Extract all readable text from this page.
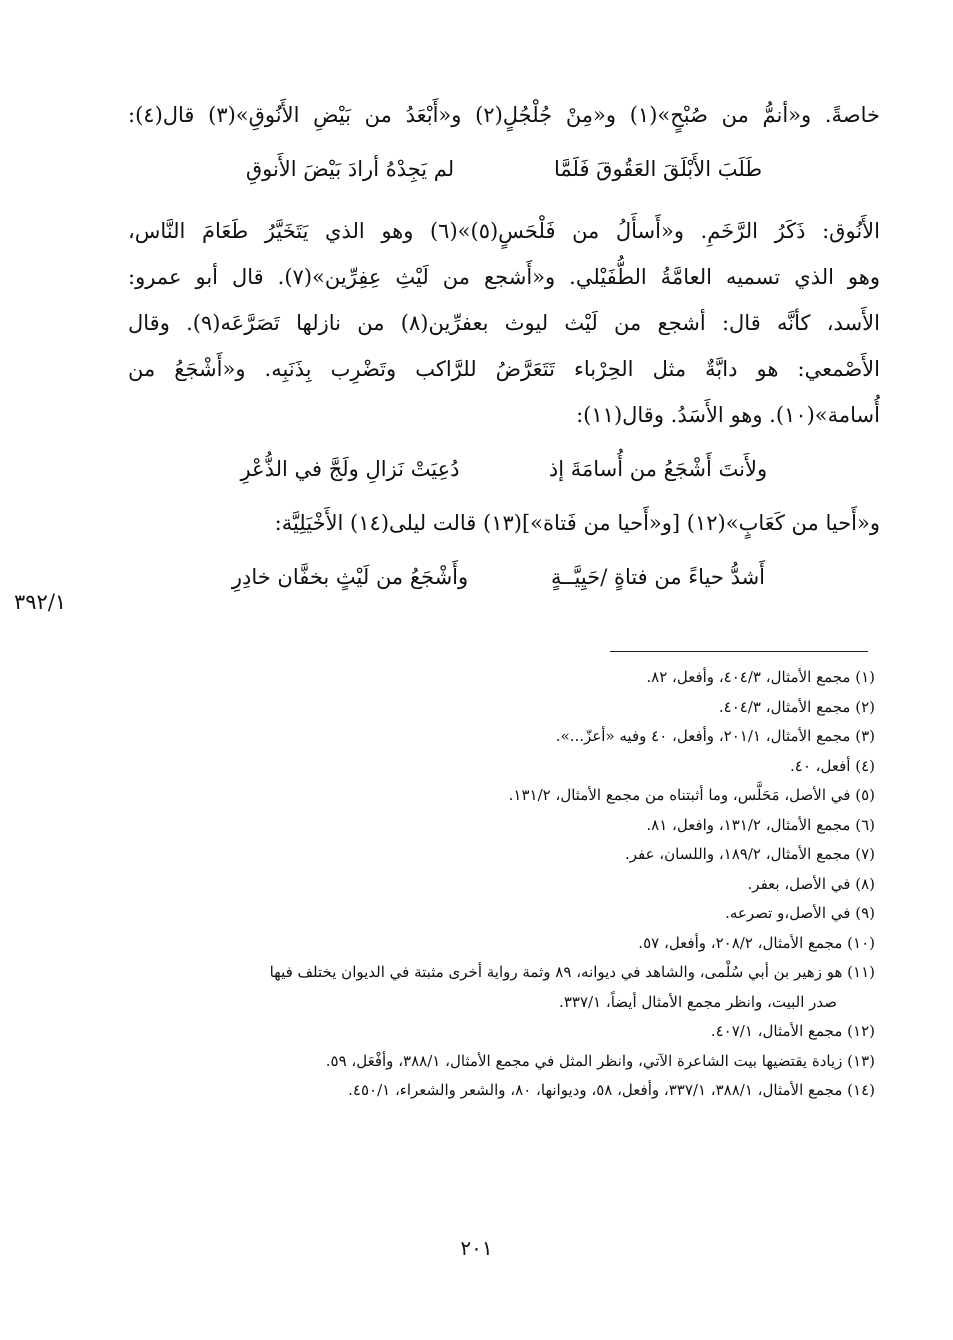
خاصةً. و«أنمُّ من صُبْحٍ»(١) و«مِنْ جُلْجُلٍ(٢) و«أَبْعَدُ من بَيْضِ الأَنُوقِ»(٣) قال(٤):
طَلَبَ الأَبْلَقَ العَقُوقَ فَلَمَّا
لم يَجِدْهُ أرادَ بَيْضَ الأَنوقِ
الأَنُوق: ذَكَرُ الرَّخَمِ. و«أَسأَلُ من فَلْحَسٍ(٥)»(٦) وهو الذي يَتَخَيَّرُ طَعَامَ النَّاس،
وهو الذي تسميه العامَّةُ الطُّفَيْلي. و«أَشجع من لَيْثِ عِفِرِّين»(٧). قال أبو عمرو:
الأَسد، كأنَّه قال: أشجع من لَيْث ليوث بعفرِّين(٨) من نازلها تَصَرَّعَه(٩). وقال
الأَصْمعي: هو دابَّةٌ مثل الحِرْباء تَتَعَرَّضُ للرَّاكب وتَضْرِب بِذَنَبِه. و«أَشْجَعُ من
أُسامة»(١٠). وهو الأَسَدُ. وقال(١١):
ولأَنتَ أَشْجَعُ من أُسامَةَ إذ
دُعِيَتْ نَزالِ ولَجَّ في الذُّعْرِ
و«أَحيا من كَعَابٍ»(١٢) [و«أَحيا من فَتاة»](١٣) قالت ليلى(١٤) الأَخْيَلِيَّة:
أَشدُّ حياءً من فتاةٍ /حَيِيَّــةٍ
وأَشْجَعُ من لَيْثٍ بخفَّان خادِرِ
٣٩٢/١
(١) مجمع الأمثال، ٤٠٤/٣، وأفعل، ٨٢.
(٢) مجمع الأمثال، ٤٠٤/٣.
(٣) مجمع الأمثال، ٢٠١/١، وأفعل، ٤٠ وفيه «أعزّ...».
(٤) أفعل، ٤٠.
(٥) في الأصل، مَحَلَّس، وما أثبتناه من مجمع الأمثال، ١٣١/٢.
(٦) مجمع الأمثال، ١٣١/٢، وافعل، ٨١.
(٧) مجمع الأمثال، ١٨٩/٢، واللسان، عفر.
(٨) في الأصل، بعفر.
(٩) في الأصل،و تصرعه.
(١٠) مجمع الأمثال، ٢٠٨/٢، وأفعل، ٥٧.
(١١) هو زهير بن أبي سُلْمى، والشاهد في ديوانه، ٨٩ وثمة رواية أخرى مثبتة في الديوان يختلف فيها
صدر البيت، وانظر مجمع الأمثال أيضاً، ٣٣٧/١.
(١٢) مجمع الأمثال، ٤٠٧/١.
(١٣) زيادة يقتضيها بيت الشاعرة الآتي، وانظر المثل في مجمع الأمثال، ٣٨٨/١، وأفْعَل، ٥٩.
(١٤) مجمع الأمثال، ٣٨٨/١، ٣٣٧/١، وأفعل، ٥٨، وديوانها، ٨٠، والشعر والشعراء، ٤٥٠/١.
٢٠١
